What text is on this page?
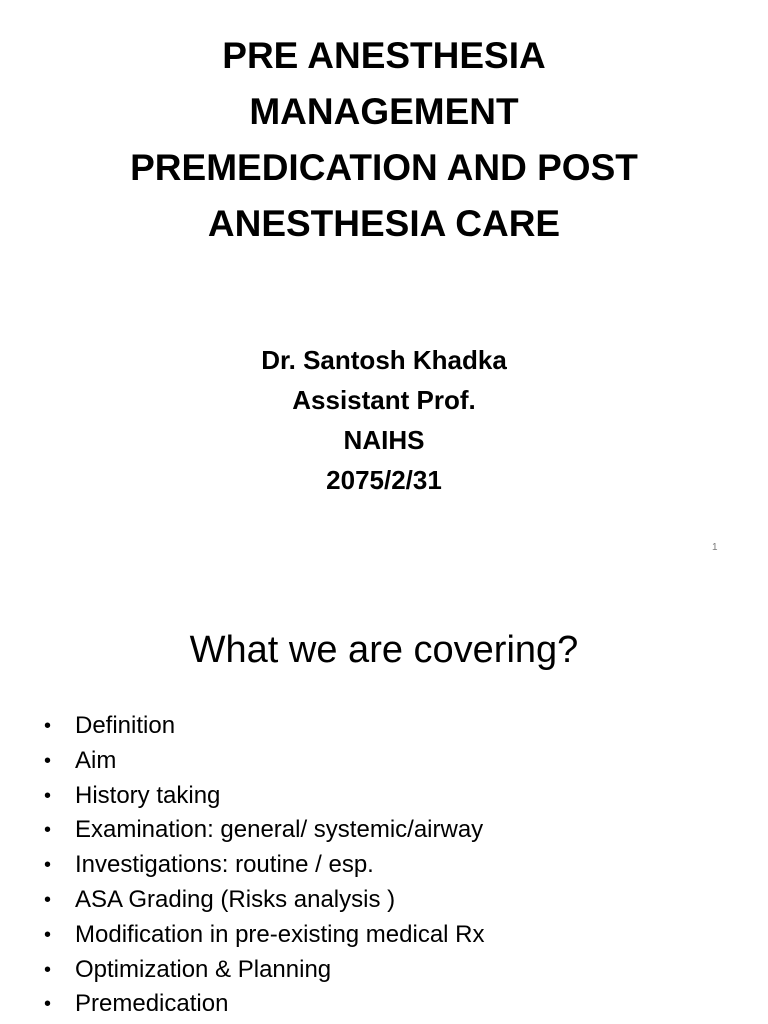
PRE ANESTHESIA
MANAGEMENT
PREMEDICATION AND POST
ANESTHESIA CARE
Dr. Santosh Khadka
Assistant Prof.
NAIHS
2075/2/31
1
What we are covering?
• Definition
• Aim
• History taking
• Examination: general/ systemic/airway
• Investigations: routine / esp.
• ASA Grading (Risks analysis )
• Modification in pre-existing medical Rx
• Optimization & Planning
• Premedication
